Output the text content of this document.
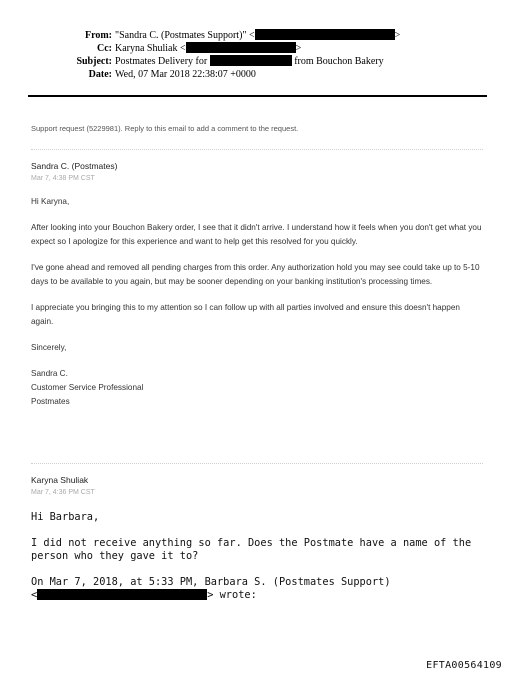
From: "Sandra C. (Postmates Support)" <	>
Cc: Karyna Shuliak <	>
Subject: Postmates Delivery for	from Bouchon Bakery
Date: Wed, 07 Mar 2018 22:38:07 +0000
Support request (5229981). Reply to this email to add a comment to the request.
Sandra C. (Postmates)
Mar 7, 4:38 PM CST

Hi Karyna,

After looking into your Bouchon Bakery order, I see that it didn't arrive. I understand how it feels when you don't get what you expect so I apologize for this experience and want to help get this resolved for you quickly.

I've gone ahead and removed all pending charges from this order. Any authorization hold you may see could take up to 5-10 days to be available to you again, but may be sooner depending on your banking institution's processing times.

I appreciate you bringing this to my attention so I can follow up with all parties involved and ensure this doesn't happen again.

Sincerely,

Sandra C.

Customer Service Professional

Postmates

Karyna Shuliak
Mar 7, 4:36 PM CST
Hi Barbara,
I did not receive anything so far. Does the Postmate have a name of the person who they gave it to?
On Mar 7, 2018, at 5:33 PM, Barbara S. (Postmates Support)
<	> wrote:
EFTA00564109
